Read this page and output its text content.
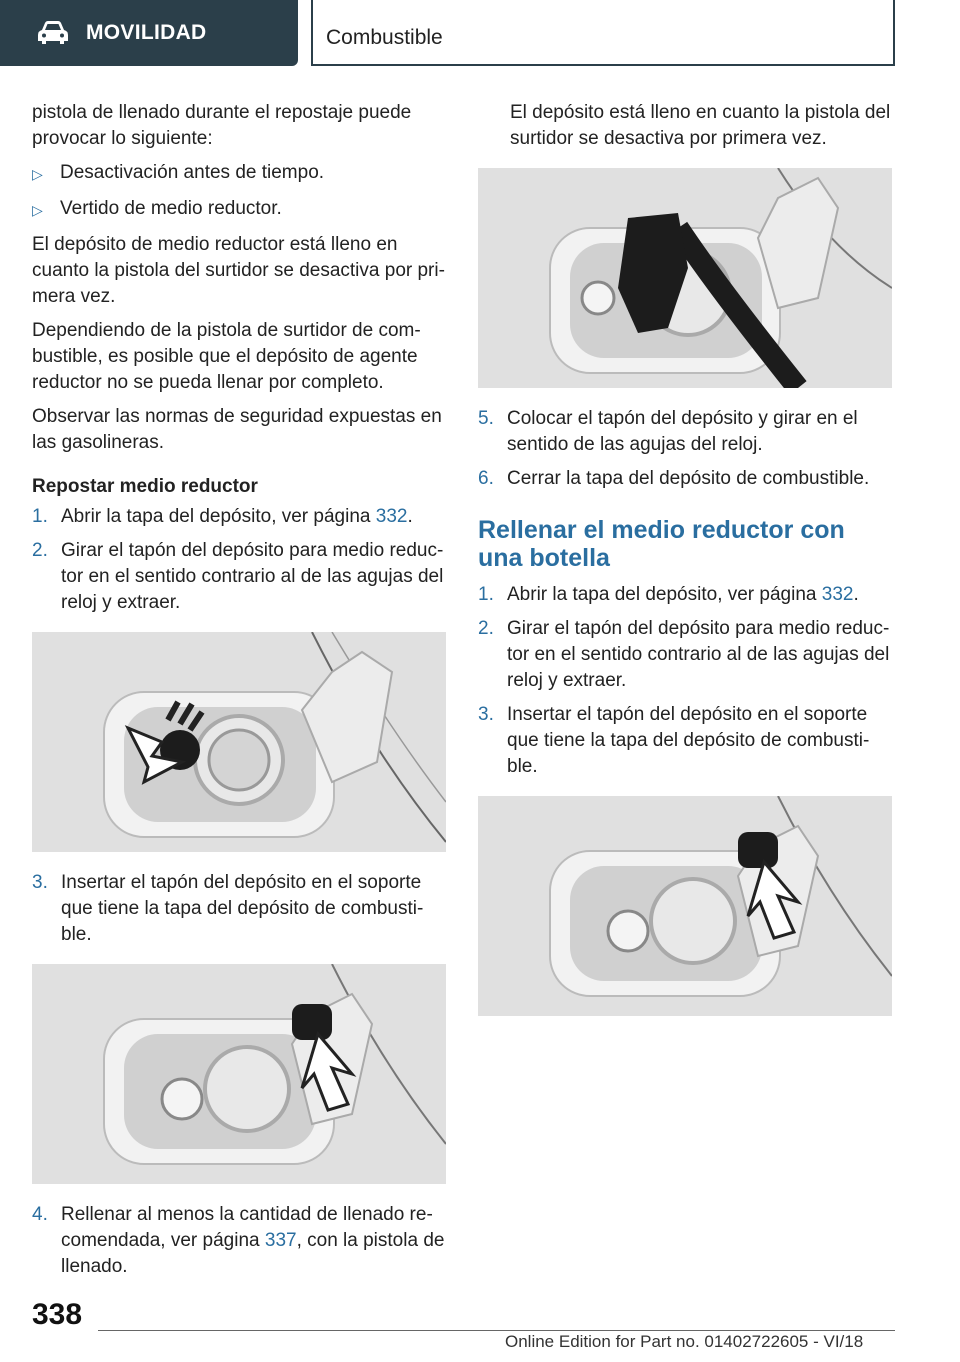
MOVILIDAD	Combustible

pistola de llenado durante el repostaje puede provocar lo siguiente:

▷ Desactivación antes de tiempo.
▷ Vertido de medio reductor.

El depósito de medio reductor está lleno en cuanto la pistola del surtidor se desactiva por pri-mera vez.

Dependiendo de la pistola de surtidor de com-bustible, es posible que el depósito de agente reductor no se pueda llenar por completo.

Observar las normas de seguridad expuestas en las gasolineras.

Repostar medio reductor
1. Abrir la tapa del depósito, ver página 332.
2. Girar el tapón del depósito para medio reduc-tor en el sentido contrario al de las agujas del reloj y extraer.
3. Insertar el tapón del depósito en el soporte que tiene la tapa del depósito de combusti-ble.
4. Rellenar al menos la cantidad de llenado re-comendada, ver página 337, con la pistola de llenado.

El depósito está lleno en cuanto la pistola del surtidor se desactiva por primera vez.

5. Colocar el tapón del depósito y girar en el sentido de las agujas del reloj.
6. Cerrar la tapa del depósito de combustible.
Rellenar el medio reductor con una botella
1. Abrir la tapa del depósito, ver página 332.
2. Girar el tapón del depósito para medio reduc-tor en el sentido contrario al de las agujas del reloj y extraer.
3. Insertar el tapón del depósito en el soporte que tiene la tapa del depósito de combusti-ble.
338
Online Edition for Part no. 01402722605 - VI/18
